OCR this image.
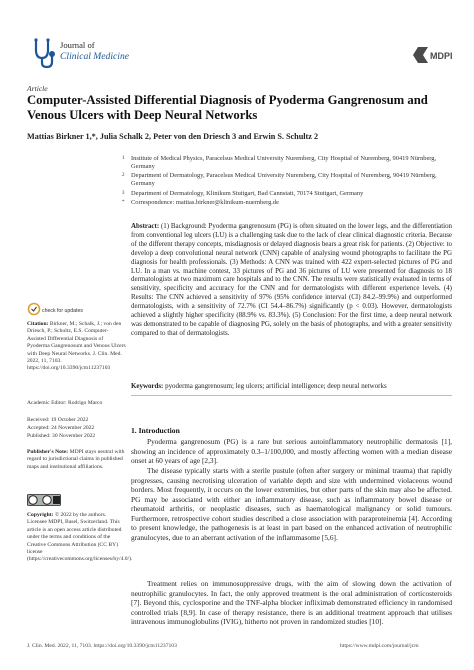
Journal of
Clinical Medicine	MDPI
Article
Computer-Assisted Differential Diagnosis of Pyoderma Gangrenosum and Venous Ulcers with Deep Neural Networks
Mattias Birkner 1,*, Julia Schalk 2, Peter von den Driesch 3 and Erwin S. Schultz 2
1 Institute of Medical Physics, Paracelsus Medical University Nuremberg, City Hospital of Nuremberg, 90419 Nürnberg, Germany
2 Department of Dermatology, Paracelsus Medical University Nuremberg, City Hospital of Nuremberg, 90419 Nürnberg, Germany
3 Department of Dermatology, Klinikum Stuttgart, Bad Cannstatt, 70174 Stuttgart, Germany
* Correspondence: mattias.birkner@klinikum-nuernberg.de
Abstract: (1) Background: Pyoderma gangrenosum (PG) is often situated on the lower legs, and the differentiation from conventional leg ulcers (LU) is a challenging task due to the lack of clear clinical diagnostic criteria. Because of the different therapy concepts, misdiagnosis or delayed diagnosis bears a great risk for patients. (2) Objective: to develop a deep convolutional neural network (CNN) capable of analysing wound photographs to facilitate the PG diagnosis for health professionals. (3) Methods: A CNN was trained with 422 expert-selected pictures of PG and LU. In a man vs. machine contest, 33 pictures of PG and 36 pictures of LU were presented for diagnosis to 18 dermatologists at two maximum care hospitals and to the CNN. The results were statistically evaluated in terms of sensitivity, specificity and accuracy for the CNN and for dermatologists with different experience levels. (4) Results: The CNN achieved a sensitivity of 97% (95% confidence interval (CI) 84.2–99.9%) and outperformed dermatologists, with a sensitivity of 72.7% (CI 54.4–86.7%) significantly (p < 0.03). However, dermatologists achieved a slightly higher specificity (88.9% vs. 83.3%). (5) Conclusion: For the first time, a deep neural network was demonstrated to be capable of diagnosing PG, solely on the basis of photographs, and with a greater sensitivity compared to that of dermatologists.
Keywords: pyoderma gangrenosum; leg ulcers; artificial intelligence; deep neural networks
check for updates
Citation: Birkner, M.; Schalk, J.; von den Driesch, P.; Schultz, E.S. Computer-Assisted Differential Diagnosis of Pyoderma Gangrenosum and Venous Ulcers with Deep Neural Networks. J. Clin. Med. 2022, 11, 7103. https://doi.org/10.3390/jcm11237103
Academic Editor: Rodrigo Marco
Received: 19 October 2022
Accepted: 24 November 2022
Published: 30 November 2022
Publisher's Note: MDPI stays neutral with regard to jurisdictional claims in published maps and institutional affiliations.
Copyright: © 2022 by the authors. Licensee MDPI, Basel, Switzerland. This article is an open access article distributed under the terms and conditions of the Creative Commons Attribution (CC BY) license (https://creativecommons.org/licenses/by/4.0/).
1. Introduction
Pyoderma gangrenosum (PG) is a rare but serious autoinflammatory neutrophilic dermatosis [1], showing an incidence of approximately 0.3–1/100,000, and mostly affecting women with a median disease onset at 60 years of age [2,3].
The disease typically starts with a sterile pustule (often after surgery or minimal trauma) that rapidly progresses, causing necrotising ulceration of variable depth and size with undermined violaceous wound borders. Most frequently, it occurs on the lower extremities, but other parts of the skin may also be affected. PG may be associated with either an inflammatory disease, such as inflammatory bowel disease or rheumatoid arthritis, or neoplastic diseases, such as haematological malignancy or solid tumours. Furthermore, retrospective cohort studies described a close association with paraproteinemia [4]. According to present knowledge, the pathogenesis is at least in part based on the enhanced activation of neutrophilic granulocytes, due to an aberrant activation of the inflammasome [5,6].
Treatment relies on immunosuppressive drugs, with the aim of slowing down the activation of neutrophilic granulocytes. In fact, the only approved treatment is the oral administration of corticosteroids [7]. Beyond this, cyclosporine and the TNF-alpha blocker infliximab demonstrated efficiency in randomised controlled trials [8,9]. In case of therapy resistance, there is an additional treatment approach that utilises intravenous immunoglobulins (IVIG), hitherto not proven in randomized studies [10].
J. Clin. Med. 2022, 11, 7103. https://doi.org/10.3390/jcm11237103	https://www.mdpi.com/journal/jcm
